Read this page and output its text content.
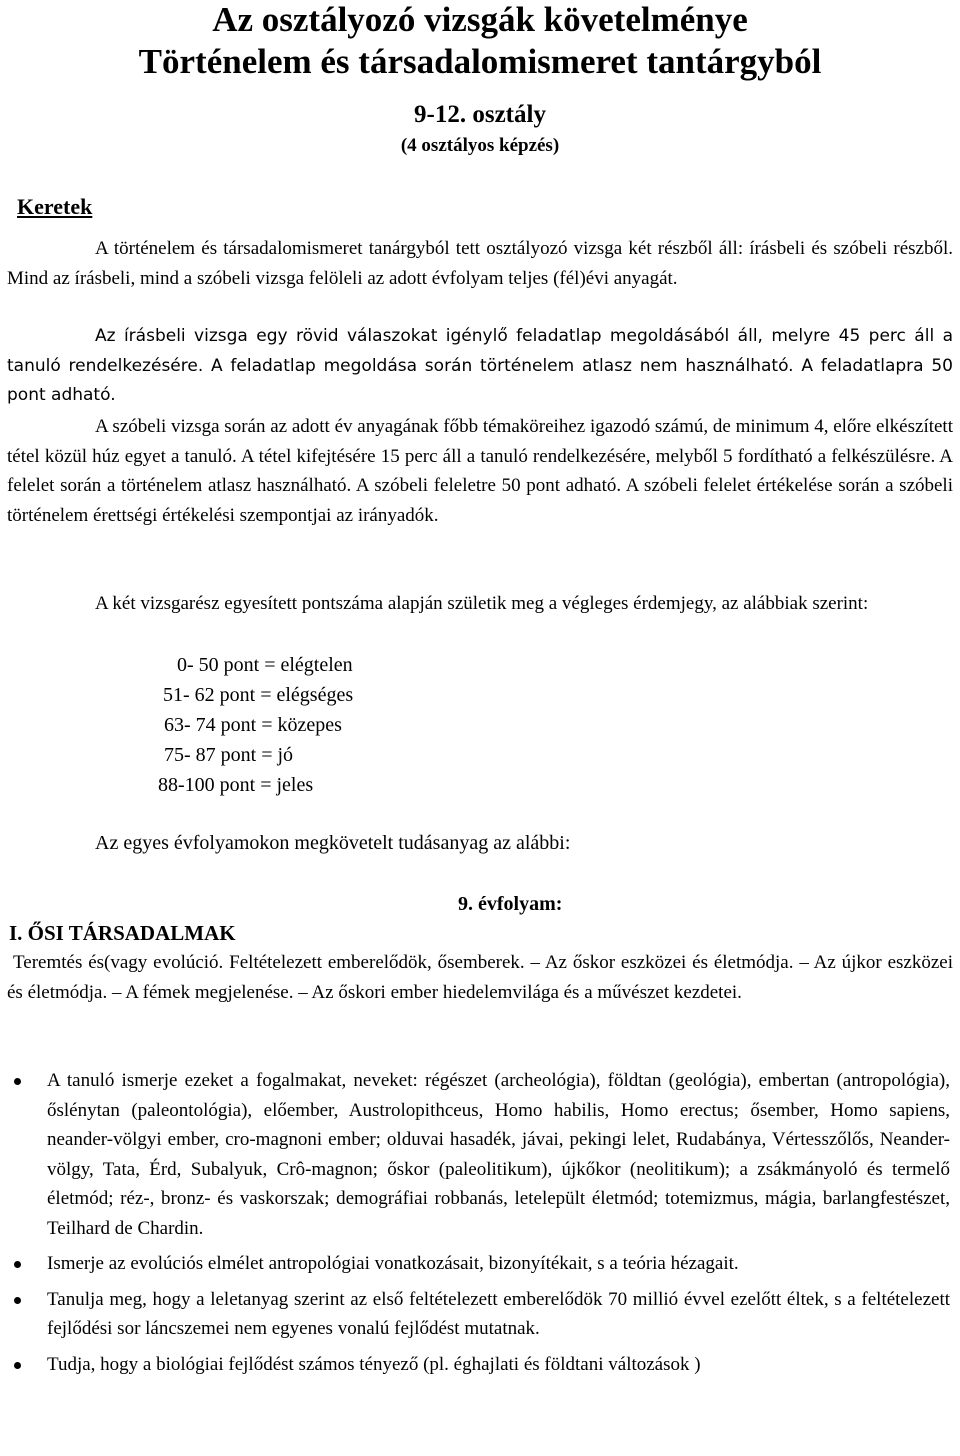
Az osztályozó vizsgák követelménye
Történelem és társadalomismeret tantárgyból
9-12. osztály
(4 osztályos képzés)
Keretek

A történelem és társadalomismeret tanárgyból tett osztályozó vizsga két részből áll: írásbeli és szóbeli részből. Mind az írásbeli, mind a szóbeli vizsga felöleli az adott évfolyam teljes (fél)évi anyagát.

Az írásbeli vizsga egy rövid válaszokat igénylő feladatlap megoldásából áll, melyre 45 perc áll a tanuló rendelkezésére. A feladatlap megoldása során történelem atlasz nem használható. A feladatlapra 50 pont adható.

A szóbeli vizsga során az adott év anyagának főbb témaköreihez igazodó számú, de minimum 4, előre elkészített tétel közül húz egyet a tanuló. A tétel kifejtésére 15 perc áll a tanuló rendelkezésére, melyből 5 fordítható a felkészülésre. A felelet során a történelem atlasz használható. A szóbeli feleletre 50 pont adható. A szóbeli felelet értékelése során a szóbeli történelem érettségi értékelési szempontjai az irányadók.

A két vizsgarész egyesített pontszáma alapján születik meg a végleges érdemjegy, az alábbiak szerint:

0- 50 pont = elégtelen
51- 62 pont = elégséges
63- 74 pont = közepes
75- 87 pont = jó
88-100 pont = jeles
Az egyes évfolyamokon megkövetelt tudásanyag az alábbi:
9. évfolyam:
I. ŐSI TÁRSADALMAK

Teremtés és(vagy evolúció. Feltételezett emberelődök, ősemberek. – Az őskor eszközei és életmódja. – Az újkor eszközei és életmódja. – A fémek megjelenése. – Az őskori ember hiedelemvilága és a művészet kezdetei.

A tanuló ismerje ezeket a fogalmakat, neveket: régészet (archeológia), földtan (geológia), embertan (antropológia), őslénytan (paleontológia), előember, Austrolopithceus, Homo habilis, Homo erectus; ősember, Homo sapiens, neander-völgyi ember, cro-magnoni ember; olduvai hasadék, jávai, pekingi lelet, Rudabánya, Vértesszőlős, Neander-völgy, Tata, Érd, Subalyuk, Crô-magnon; őskor (paleolitikum), újkőkor (neolitikum); a zsákmányoló és termelő életmód; réz-, bronz- és vaskorszak; demográfiai robbanás, letelepült életmód; totemizmus, mágia, barlangfestészet, Teilhard de Chardin.
Ismerje az evolúciós elmélet antropológiai vonatkozásait, bizonyítékait, s a teória hézagait.
Tanulja meg, hogy a leletanyag szerint az első feltételezett emberelődök 70 millió évvel ezelőtt éltek, s a feltételezett fejlődési sor láncszemei nem egyenes vonalú fejlődést mutatnak.
Tudja, hogy a biológiai fejlődést számos tényező (pl. éghajlati és földtani változások )
